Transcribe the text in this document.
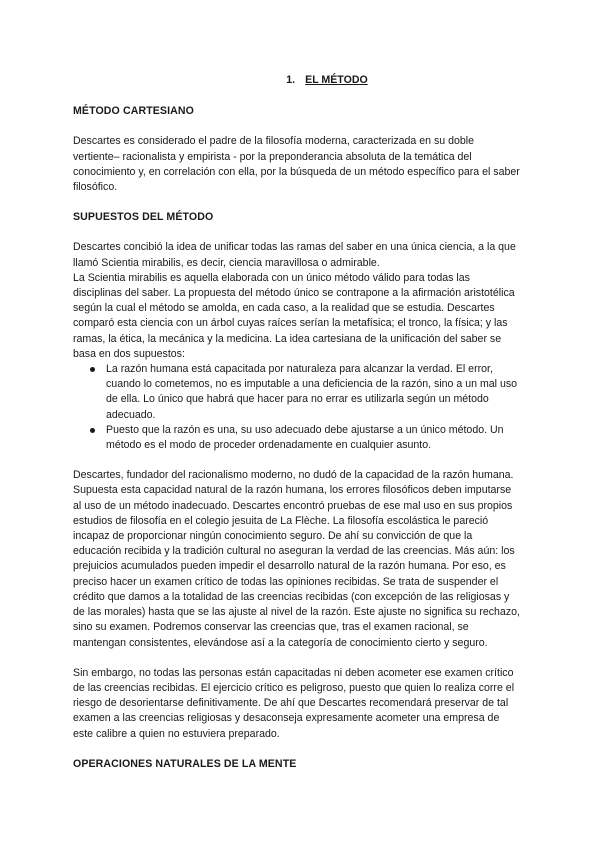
1. EL MÉTODO
MÉTODO CARTESIANO

Descartes es considerado el padre de la filosofía moderna, caracterizada en su doble vertiente– racionalista y empirista - por la preponderancia absoluta de la temática del conocimiento y, en correlación con ella, por la búsqueda de un método específico para el saber filosófico.

SUPUESTOS DEL MÉTODO

Descartes concibió la idea de unificar todas las ramas del saber en una única ciencia, a la que llamó Scientia mirabilis, es decir, ciencia maravillosa o admirable.

La Scientia mirabilis es aquella elaborada con un único método válido para todas las disciplinas del saber. La propuesta del método único se contrapone a la afirmación aristotélica según la cual el método se amolda, en cada caso, a la realidad que se estudia. Descartes comparó esta ciencia con un árbol cuyas raíces serían la metafísica; el tronco, la física; y las ramas, la ética, la mecánica y la medicina. La idea cartesiana de la unificación del saber se basa en dos supuestos:

La razón humana está capacitada por naturaleza para alcanzar la verdad. El error, cuando lo cometemos, no es imputable a una deficiencia de la razón, sino a un mal uso de ella. Lo único que habrá que hacer para no errar es utilizarla según un método adecuado.
Puesto que la razón es una, su uso adecuado debe ajustarse a un único método. Un método es el modo de proceder ordenadamente en cualquier asunto.

Descartes, fundador del racionalismo moderno, no dudó de la capacidad de la razón humana. Supuesta esta capacidad natural de la razón humana, los errores filosóficos deben imputarse al uso de un método inadecuado. Descartes encontró pruebas de ese mal uso en sus propios estudios de filosofía en el colegio jesuita de La Flèche. La filosofía escolástica le pareció incapaz de proporcionar ningún conocimiento seguro. De ahí su convicción de que la educación recibida y la tradición cultural no aseguran la verdad de las creencias. Más aún: los prejuicios acumulados pueden impedir el desarrollo natural de la razón humana. Por eso, es preciso hacer un examen crítico de todas las opiniones recibidas. Se trata de suspender el crédito que damos a la totalidad de las creencias recibidas (con excepción de las religiosas y de las morales) hasta que se las ajuste al nivel de la razón. Este ajuste no significa su rechazo, sino su examen. Podremos conservar las creencias que, tras el examen racional, se mantengan consistentes, elevándose así a la categoría de conocimiento cierto y seguro.

Sin embargo, no todas las personas están capacitadas ni deben acometer ese examen crítico de las creencias recibidas. El ejercicio crítico es peligroso, puesto que quien lo realiza corre el riesgo de desorientarse definitivamente. De ahí que Descartes recomendará preservar de tal examen a las creencias religiosas y desaconseja expresamente acometer una empresa de este calibre a quien no estuviera preparado.

OPERACIONES NATURALES DE LA MENTE
